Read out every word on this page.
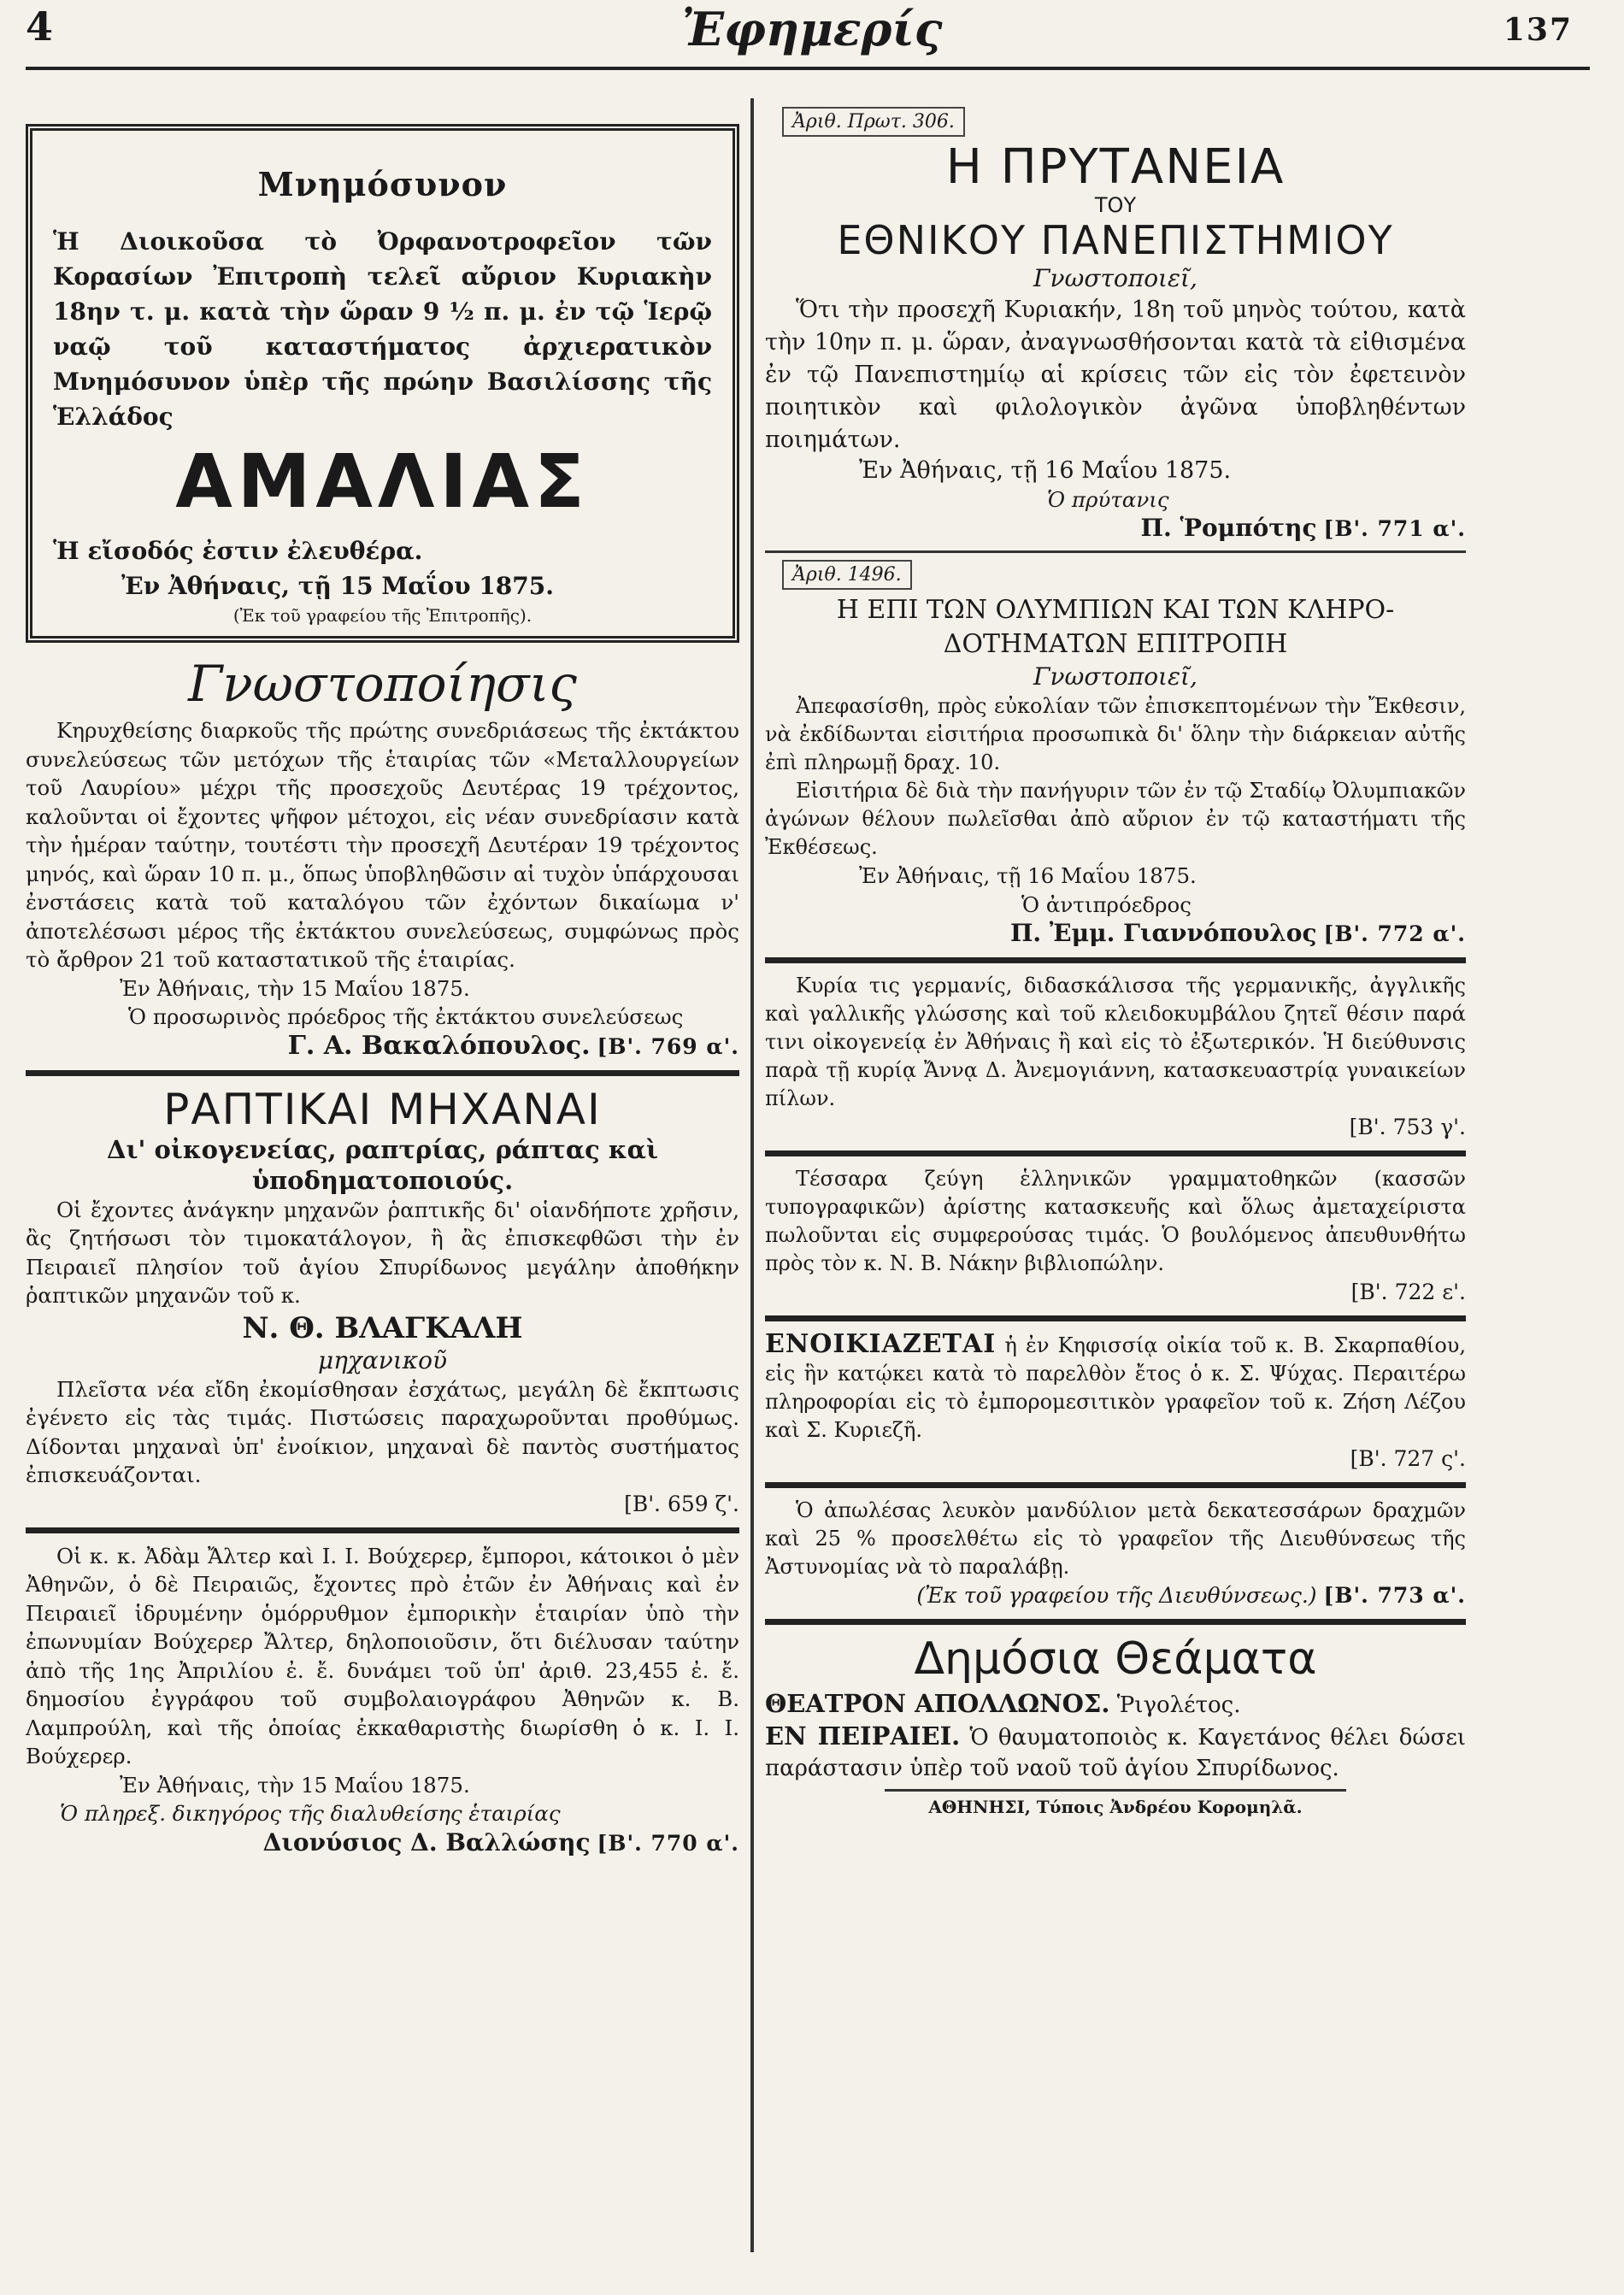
4	Ἐφημερίς	137
Μνημόσυνον
Ἡ Διοικοῦσα τὸ Ὀρφανοτροφεῖον τῶν Κορασίων Ἐπιτροπὴ τελεῖ αὔριον Κυριακὴν 18ην τ. μ. κατὰ τὴν ὥραν 9 ½ π. μ. ἐν τῷ Ἱερῷ ναῷ τοῦ καταστήματος ἀρχιερατικὸν Μνημόσυνον ὑπὲρ τῆς πρώην Βασιλίσσης τῆς Ἑλλάδος
ΑΜΑΛΙΑΣ
Ἡ εἴσοδός ἐστιν ἐλευθέρα.
Ἐν Ἀθήναις, τῇ 15 Μαΐου 1875.
(Ἐκ τοῦ γραφείου τῆς Ἐπιτροπῆς).
Γνωστοποίησις

Κηρυχθείσης διαρκοῦς τῆς πρώτης συνεδριάσεως τῆς ἐκτάκτου συνελεύσεως τῶν μετόχων τῆς ἑταιρίας τῶν «Μεταλλουργείων τοῦ Λαυρίου» μέχρι τῆς προσεχοῦς Δευτέρας 19 τρέχοντος, καλοῦνται οἱ ἔχοντες ψῆφον μέτοχοι, εἰς νέαν συνεδρίασιν κατὰ τὴν ἡμέραν ταύτην, τουτέστι τὴν προσεχῆ Δευτέραν 19 τρέχοντος μηνός, καὶ ὥραν 10 π. μ., ὅπως ὑποβληθῶσιν αἱ τυχὸν ὑπάρχουσαι ἐνστάσεις κατὰ τοῦ καταλόγου τῶν ἐχόντων δικαίωμα ν' ἀποτελέσωσι μέρος τῆς ἐκτάκτου συνελεύσεως, συμφώνως πρὸς τὸ ἄρθρον 21 τοῦ καταστατικοῦ τῆς ἑταιρίας.

Ἐν Ἀθήναις, τὴν 15 Μαΐου 1875.
Ὁ προσωρινὸς πρόεδρος τῆς ἐκτάκτου συνελεύσεως
Γ. Α. Βακαλόπουλος. [Β'. 769 α'.
ΡΑΠΤΙΚΑΙ ΜΗΧΑΝΑΙ
Δι' οἰκογενείας, ραπτρίας, ράπτας καὶ
ὑποδηματοποιούς.

Οἱ ἔχοντες ἀνάγκην μηχανῶν ῥαπτικῆς δι' οἱανδήποτε χρῆσιν, ἂς ζητήσωσι τὸν τιμοκατάλογον, ἢ ἂς ἐπισκεφθῶσι τὴν ἐν Πειραιεῖ πλησίον τοῦ ἁγίου Σπυρίδωνος μεγάλην ἀποθήκην ῥαπτικῶν μηχανῶν τοῦ κ.

Ν. Θ. ΒΛΑΓΚΑΛΗ
μηχανικοῦ

Πλεῖστα νέα εἴδη ἐκομίσθησαν ἐσχάτως, μεγάλη δὲ ἔκπτωσις ἐγένετο εἰς τὰς τιμάς. Πιστώσεις παραχωροῦνται προθύμως. Δίδονται μηχαναὶ ὑπ' ἐνοίκιον, μηχαναὶ δὲ παντὸς συστήματος ἐπισκευάζονται.

[Β'. 659 ζ'.

Οἱ κ. κ. Ἀδὰμ Ἄλτερ καὶ Ι. Ι. Βούχερερ, ἔμποροι, κάτοικοι ὁ μὲν Ἀθηνῶν, ὁ δὲ Πειραιῶς, ἔχοντες πρὸ ἐτῶν ἐν Ἀθήναις καὶ ἐν Πειραιεῖ ἱδρυμένην ὁμόρρυθμον ἐμπορικὴν ἑταιρίαν ὑπὸ τὴν ἐπωνυμίαν Βούχερερ Ἄλτερ, δηλοποιοῦσιν, ὅτι διέλυσαν ταύτην ἀπὸ τῆς 1ης Ἀπριλίου ἐ. ἔ. δυνάμει τοῦ ὑπ' ἀριθ. 23,455 ἐ. ἔ. δημοσίου ἐγγράφου τοῦ συμβολαιογράφου Ἀθηνῶν κ. Β. Λαμπρούλη, καὶ τῆς ὁποίας ἐκκαθαριστὴς διωρίσθη ὁ κ. Ι. Ι. Βούχερερ.

Ἐν Ἀθήναις, τὴν 15 Μαΐου 1875.
Ὁ πληρεξ. δικηγόρος τῆς διαλυθείσης ἑταιρίας
Διονύσιος Δ. Βαλλώσης [Β'. 770 α'.
Ἀριθ. Πρωτ. 306.
Η ΠΡΥΤΑΝΕΙΑ
ΤΟΥ
ΕΘΝΙΚΟΥ ΠΑΝΕΠΙΣΤΗΜΙΟΥ
Γνωστοποιεῖ,

Ὅτι τὴν προσεχῆ Κυριακήν, 18η τοῦ μηνὸς τούτου, κατὰ τὴν 10ην π. μ. ὥραν, ἀναγνωσθήσονται κατὰ τὰ εἰθισμένα ἐν τῷ Πανεπιστημίῳ αἱ κρίσεις τῶν εἰς τὸν ἐφετεινὸν ποιητικὸν καὶ φιλολογικὸν ἀγῶνα ὑποβληθέντων ποιημάτων.

Ἐν Ἀθήναις, τῇ 16 Μαΐου 1875.
Ὁ πρύτανις
Π. Ῥομπότης [Β'. 771 α'.
Ἀριθ. 1496.
Η ΕΠΙ ΤΩΝ ΟΛΥΜΠΙΩΝ ΚΑΙ ΤΩΝ ΚΛΗΡΟ-
ΔΟΤΗΜΑΤΩΝ ΕΠΙΤΡΟΠΗ
Γνωστοποιεῖ,

Ἀπεφασίσθη, πρὸς εὐκολίαν τῶν ἐπισκεπτομένων τὴν Ἔκθεσιν, νὰ ἐκδίδωνται εἰσιτήρια προσωπικὰ δι' ὅλην τὴν διάρκειαν αὐτῆς ἐπὶ πληρωμῇ δραχ. 10.

Εἰσιτήρια δὲ διὰ τὴν πανήγυριν τῶν ἐν τῷ Σταδίῳ Ὀλυμπιακῶν ἀγώνων θέλουν πωλεῖσθαι ἀπὸ αὔριον ἐν τῷ καταστήματι τῆς Ἐκθέσεως.

Ἐν Ἀθήναις, τῇ 16 Μαΐου 1875.
Ὁ ἀντιπρόεδρος
Π. Ἐμμ. Γιαννόπουλος [Β'. 772 α'.

Κυρία τις γερμανίς, διδασκάλισσα τῆς γερμανικῆς, ἀγγλικῆς καὶ γαλλικῆς γλώσσης καὶ τοῦ κλειδοκυμβάλου ζητεῖ θέσιν παρά τινι οἰκογενείᾳ ἐν Ἀθήναις ἢ καὶ εἰς τὸ ἐξωτερικόν. Ἡ διεύθυνσις παρὰ τῇ κυρίᾳ Ἄννᾳ Δ. Ἀνεμογιάννη, κατασκευαστρίᾳ γυναικείων πίλων.

[Β'. 753 γ'.

Τέσσαρα ζεύγη ἑλληνικῶν γραμματοθηκῶν (κασσῶν τυπογραφικῶν) ἀρίστης κατασκευῆς καὶ ὅλως ἀμεταχείριστα πωλοῦνται εἰς συμφερούσας τιμάς. Ὁ βουλόμενος ἀπευθυνθήτω πρὸς τὸν κ. Ν. Β. Νάκην βιβλιοπώλην.

[Β'. 722 ε'.
ΕΝΟΙΚΙΑΖΕΤΑΙ ἡ ἐν Κηφισσίᾳ οἰκία τοῦ κ. Β. Σκαρπαθίου, εἰς ἣν κατῴκει κατὰ τὸ παρελθὸν ἔτος ὁ κ. Σ. Ψύχας. Περαιτέρω πληροφορίαι εἰς τὸ ἐμπορομεσιτικὸν γραφεῖον τοῦ κ. Ζήση Λέζου καὶ Σ. Κυριεζῆ.
[Β'. 727 ς'.

Ὁ ἀπωλέσας λευκὸν μανδύλιον μετὰ δεκατεσσάρων δραχμῶν καὶ 25 % προσελθέτω εἰς τὸ γραφεῖον τῆς Διευθύνσεως τῆς Ἀστυνομίας νὰ τὸ παραλάβῃ.

(Ἐκ τοῦ γραφείου τῆς Διευθύνσεως.) [Β'. 773 α'.
Δημόσια Θεάματα
ΘΕΑΤΡΟΝ ΑΠΟΛΛΩΝΟΣ. Ῥιγολέτος.
ΕΝ ΠΕΙΡΑΙΕΙ. Ὁ θαυματοποιὸς κ. Καγετάνος θέλει δώσει παράστασιν ὑπὲρ τοῦ ναοῦ τοῦ ἁγίου Σπυρίδωνος.
ΑΘΗΝΗΣΙ, Τύποις Ἀνδρέου Κορομηλᾶ.
